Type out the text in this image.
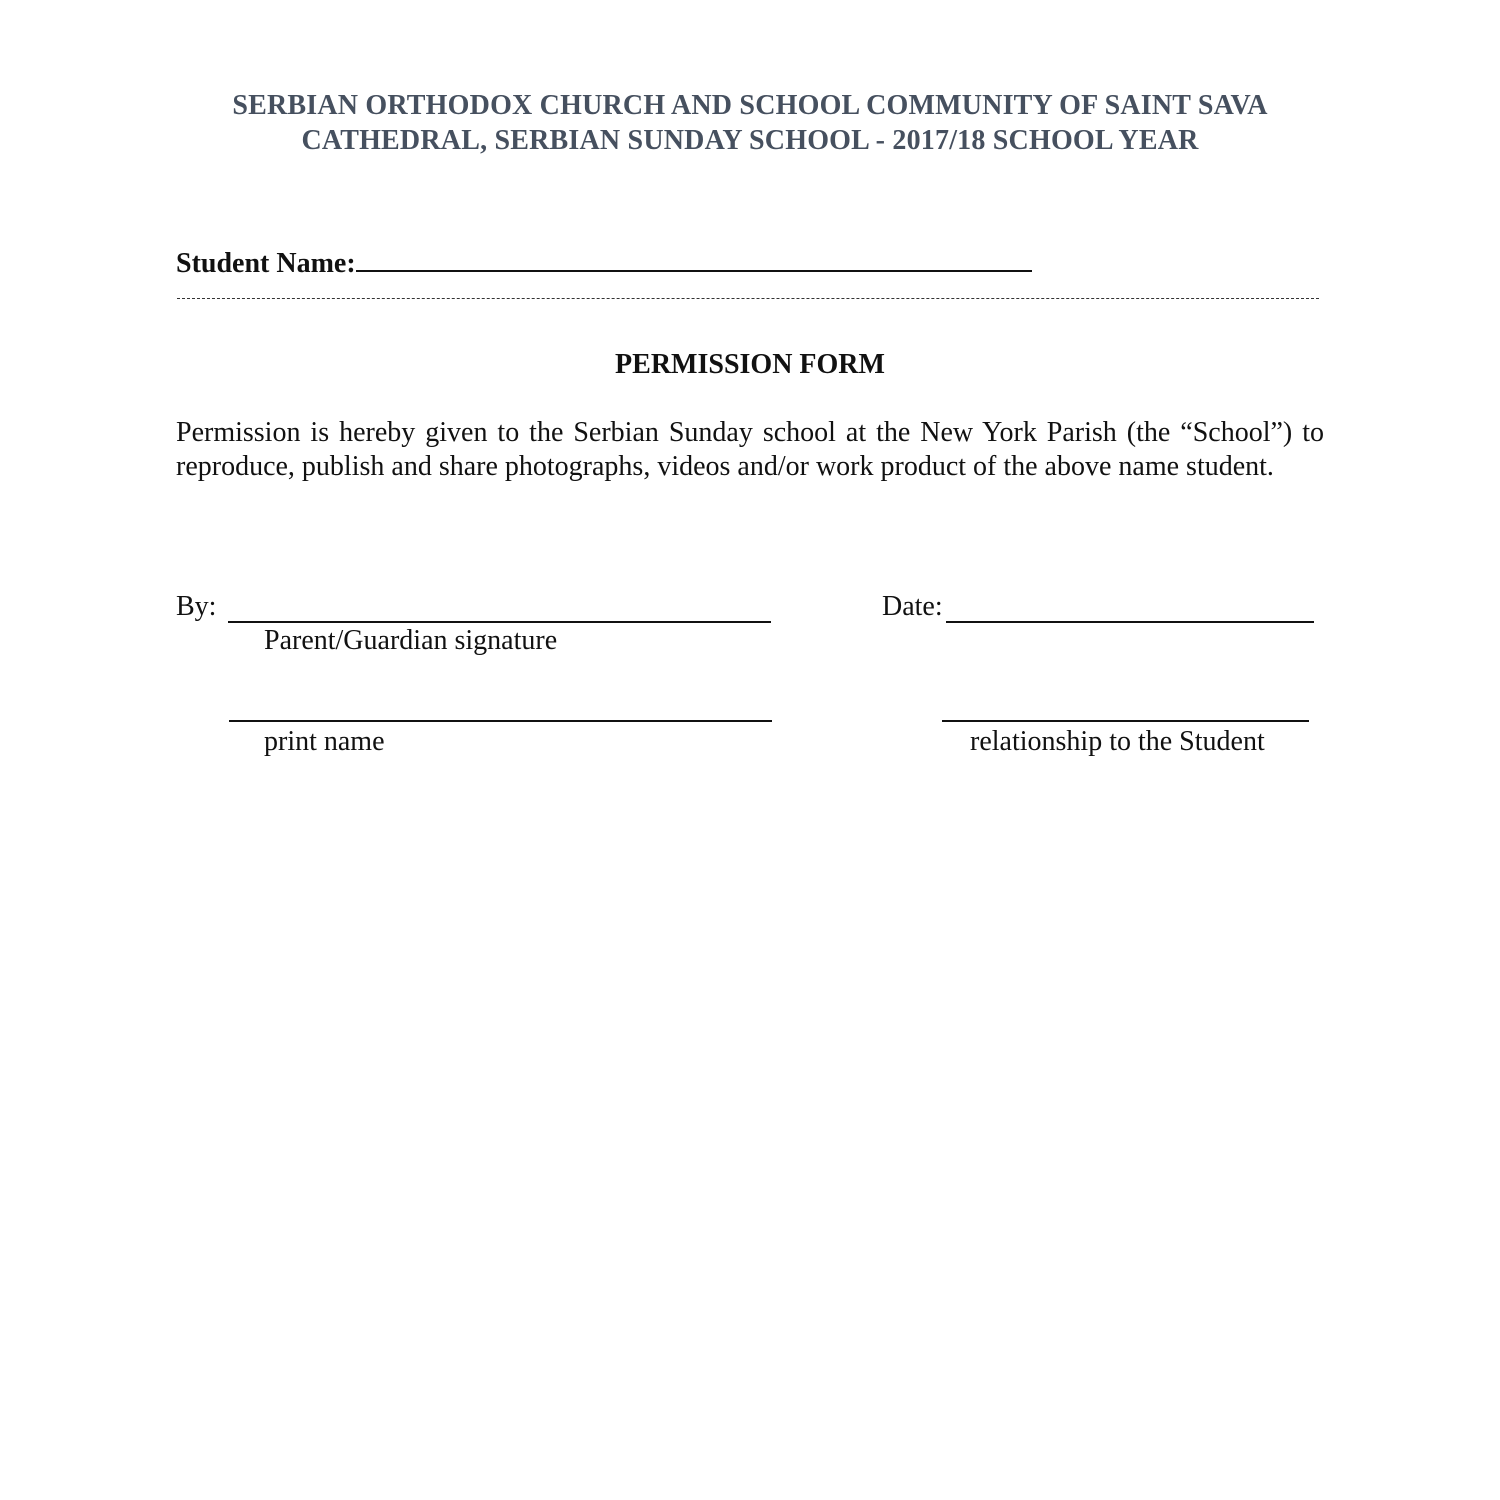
SERBIAN ORTHODOX CHURCH AND SCHOOL COMMUNITY OF SAINT SAVA
CATHEDRAL, SERBIAN SUNDAY SCHOOL - 2017/18 SCHOOL YEAR
Student Name:
PERMISSION FORM
Permission is hereby given to the Serbian Sunday school at the New York Parish (the “School”) to reproduce, publish and share photographs, videos and/or work product of the above name student.
By:
Parent/Guardian signature
Date:
print name	relationship to the Student
